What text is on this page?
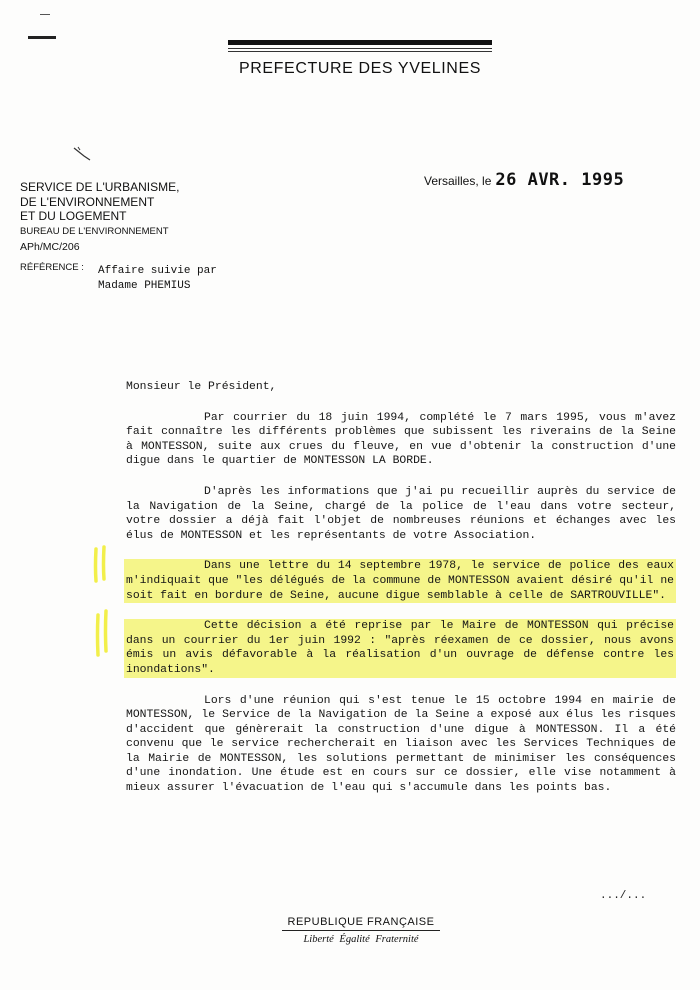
PREFECTURE DES YVELINES
SERVICE DE L'URBANISME,
DE L'ENVIRONNEMENT
ET DU LOGEMENT
BUREAU DE L'ENVIRONNEMENT
APh/MC/206
RÉFÉRENCE : Affaire suivie par
Madame PHEMIUS
Versailles, le 26 AVR. 1995

Monsieur le Président,

Par courrier du 18 juin 1994, complété le 7 mars 1995, vous m'avez fait connaître les différents problèmes que subissent les riverains de la Seine à MONTESSON, suite aux crues du fleuve, en vue d'obtenir la construction d'une digue dans le quartier de MONTESSON LA BORDE.

D'après les informations que j'ai pu recueillir auprès du service de la Navigation de la Seine, chargé de la police de l'eau dans votre secteur, votre dossier a déjà fait l'objet de nombreuses réunions et échanges avec les élus de MONTESSON et les représentants de votre Association.

Dans une lettre du 14 septembre 1978, le service de police des eaux m'indiquait que "les délégués de la commune de MONTESSON avaient désiré qu'il ne soit fait en bordure de Seine, aucune digue semblable à celle de SARTROUVILLE".

Cette décision a été reprise par le Maire de MONTESSON qui précise dans un courrier du 1er juin 1992 : "après réexamen de ce dossier, nous avons émis un avis défavorable à la réalisation d'un ouvrage de défense contre les inondations".

Lors d'une réunion qui s'est tenue le 15 octobre 1994 en mairie de MONTESSON, le Service de la Navigation de la Seine a exposé aux élus les risques d'accident que génèrerait la construction d'une digue à MONTESSON. Il a été convenu que le service rechercherait en liaison avec les Services Techniques de la Mairie de MONTESSON, les solutions permettant de minimiser les conséquences d'une inondation. Une étude est en cours sur ce dossier, elle vise notamment à mieux assurer l'évacuation de l'eau qui s'accumule dans les points bas.

.../...
REPUBLIQUE FRANÇAISE
Liberté Égalité Fraternité
